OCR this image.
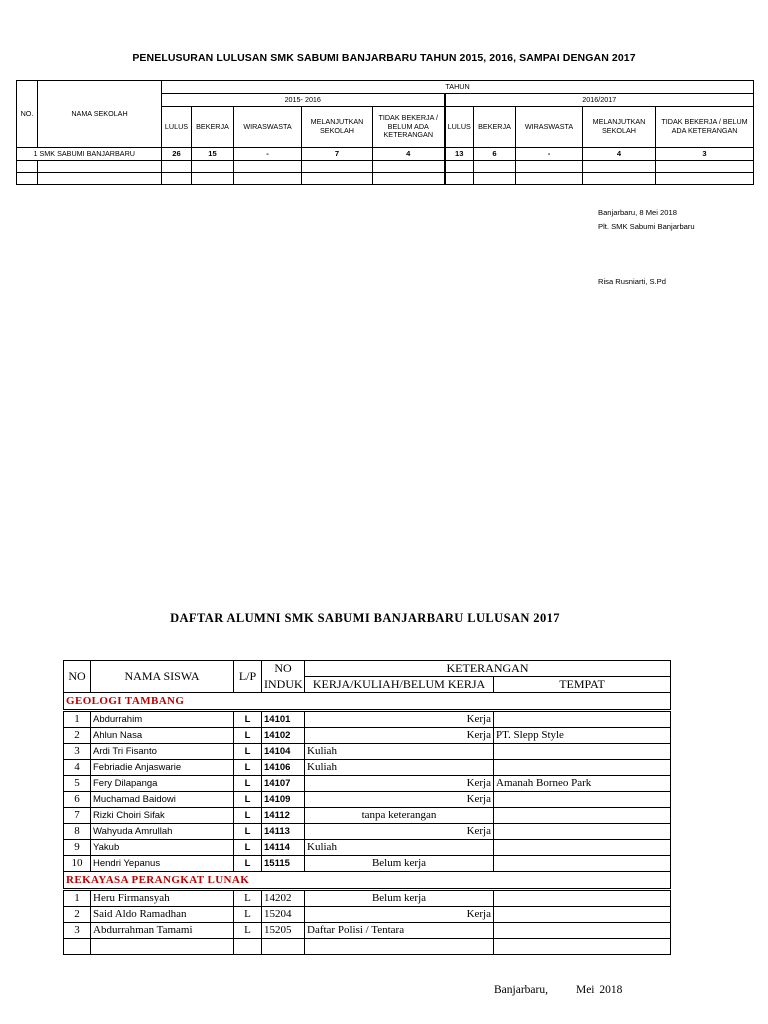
PENELUSURAN LULUSAN SMK SABUMI BANJARBARU TAHUN 2015, 2016, SAMPAI DENGAN 2017
NO.	NAMA SEKOLAH	TAHUN									
		2015- 2016					2016/2017				
		LULUS	BEKERJA	WIRASWASTA	MELANJUTKAN SEKOLAH	TIDAK BEKERJA / BELUM ADA KETERANGAN	LULUS	BEKERJA	WIRASWASTA	MELANJUTKAN SEKOLAH	TIDAK BEKERJA / BELUM ADA KETERANGAN
1	SMK SABUMI BANJARBARU	26	15	-	7	4	13	6	-	4	3

Banjarbaru, 8 Mei 2018
Plt. SMK Sabumi Banjarbaru
Risa Rusniarti, S.Pd
DAFTAR ALUMNI SMK SABUMI BANJARBARU LULUSAN 2017
NO	NAMA SISWA	L/P	NO	KETERANGAN	
			INDUK	KERJA/KULIAH/BELUM KERJA	TEMPAT
GEOLOGI TAMBANG					
1	Abdurrahim	L	14101	Kerja	
2	Ahlun Nasa	L	14102	Kerja	PT. Slepp Style
3	Ardi Tri Fisanto	L	14104	Kuliah	
4	Febriadie Anjaswarie	L	14106	Kuliah	
5	Fery Dilapanga	L	14107	Kerja	Amanah Borneo Park
6	Muchamad Baidowi	L	14109	Kerja	
7	Rizki Choiri Sifak	L	14112	tanpa keterangan	
8	Wahyuda Amrullah	L	14113	Kerja	
9	Yakub	L	14114	Kuliah	
10	Hendri Yepanus	L	15115	Belum kerja	
REKAYASA PERANGKAT LUNAK					
1	Heru Firmansyah	L	14202	Belum kerja	
2	Said Aldo Ramadhan	L	15204	Kerja	
3	Abdurrahman Tamami	L	15205	Daftar Polisi / Tentara	

Banjarbaru, Mei 2018
